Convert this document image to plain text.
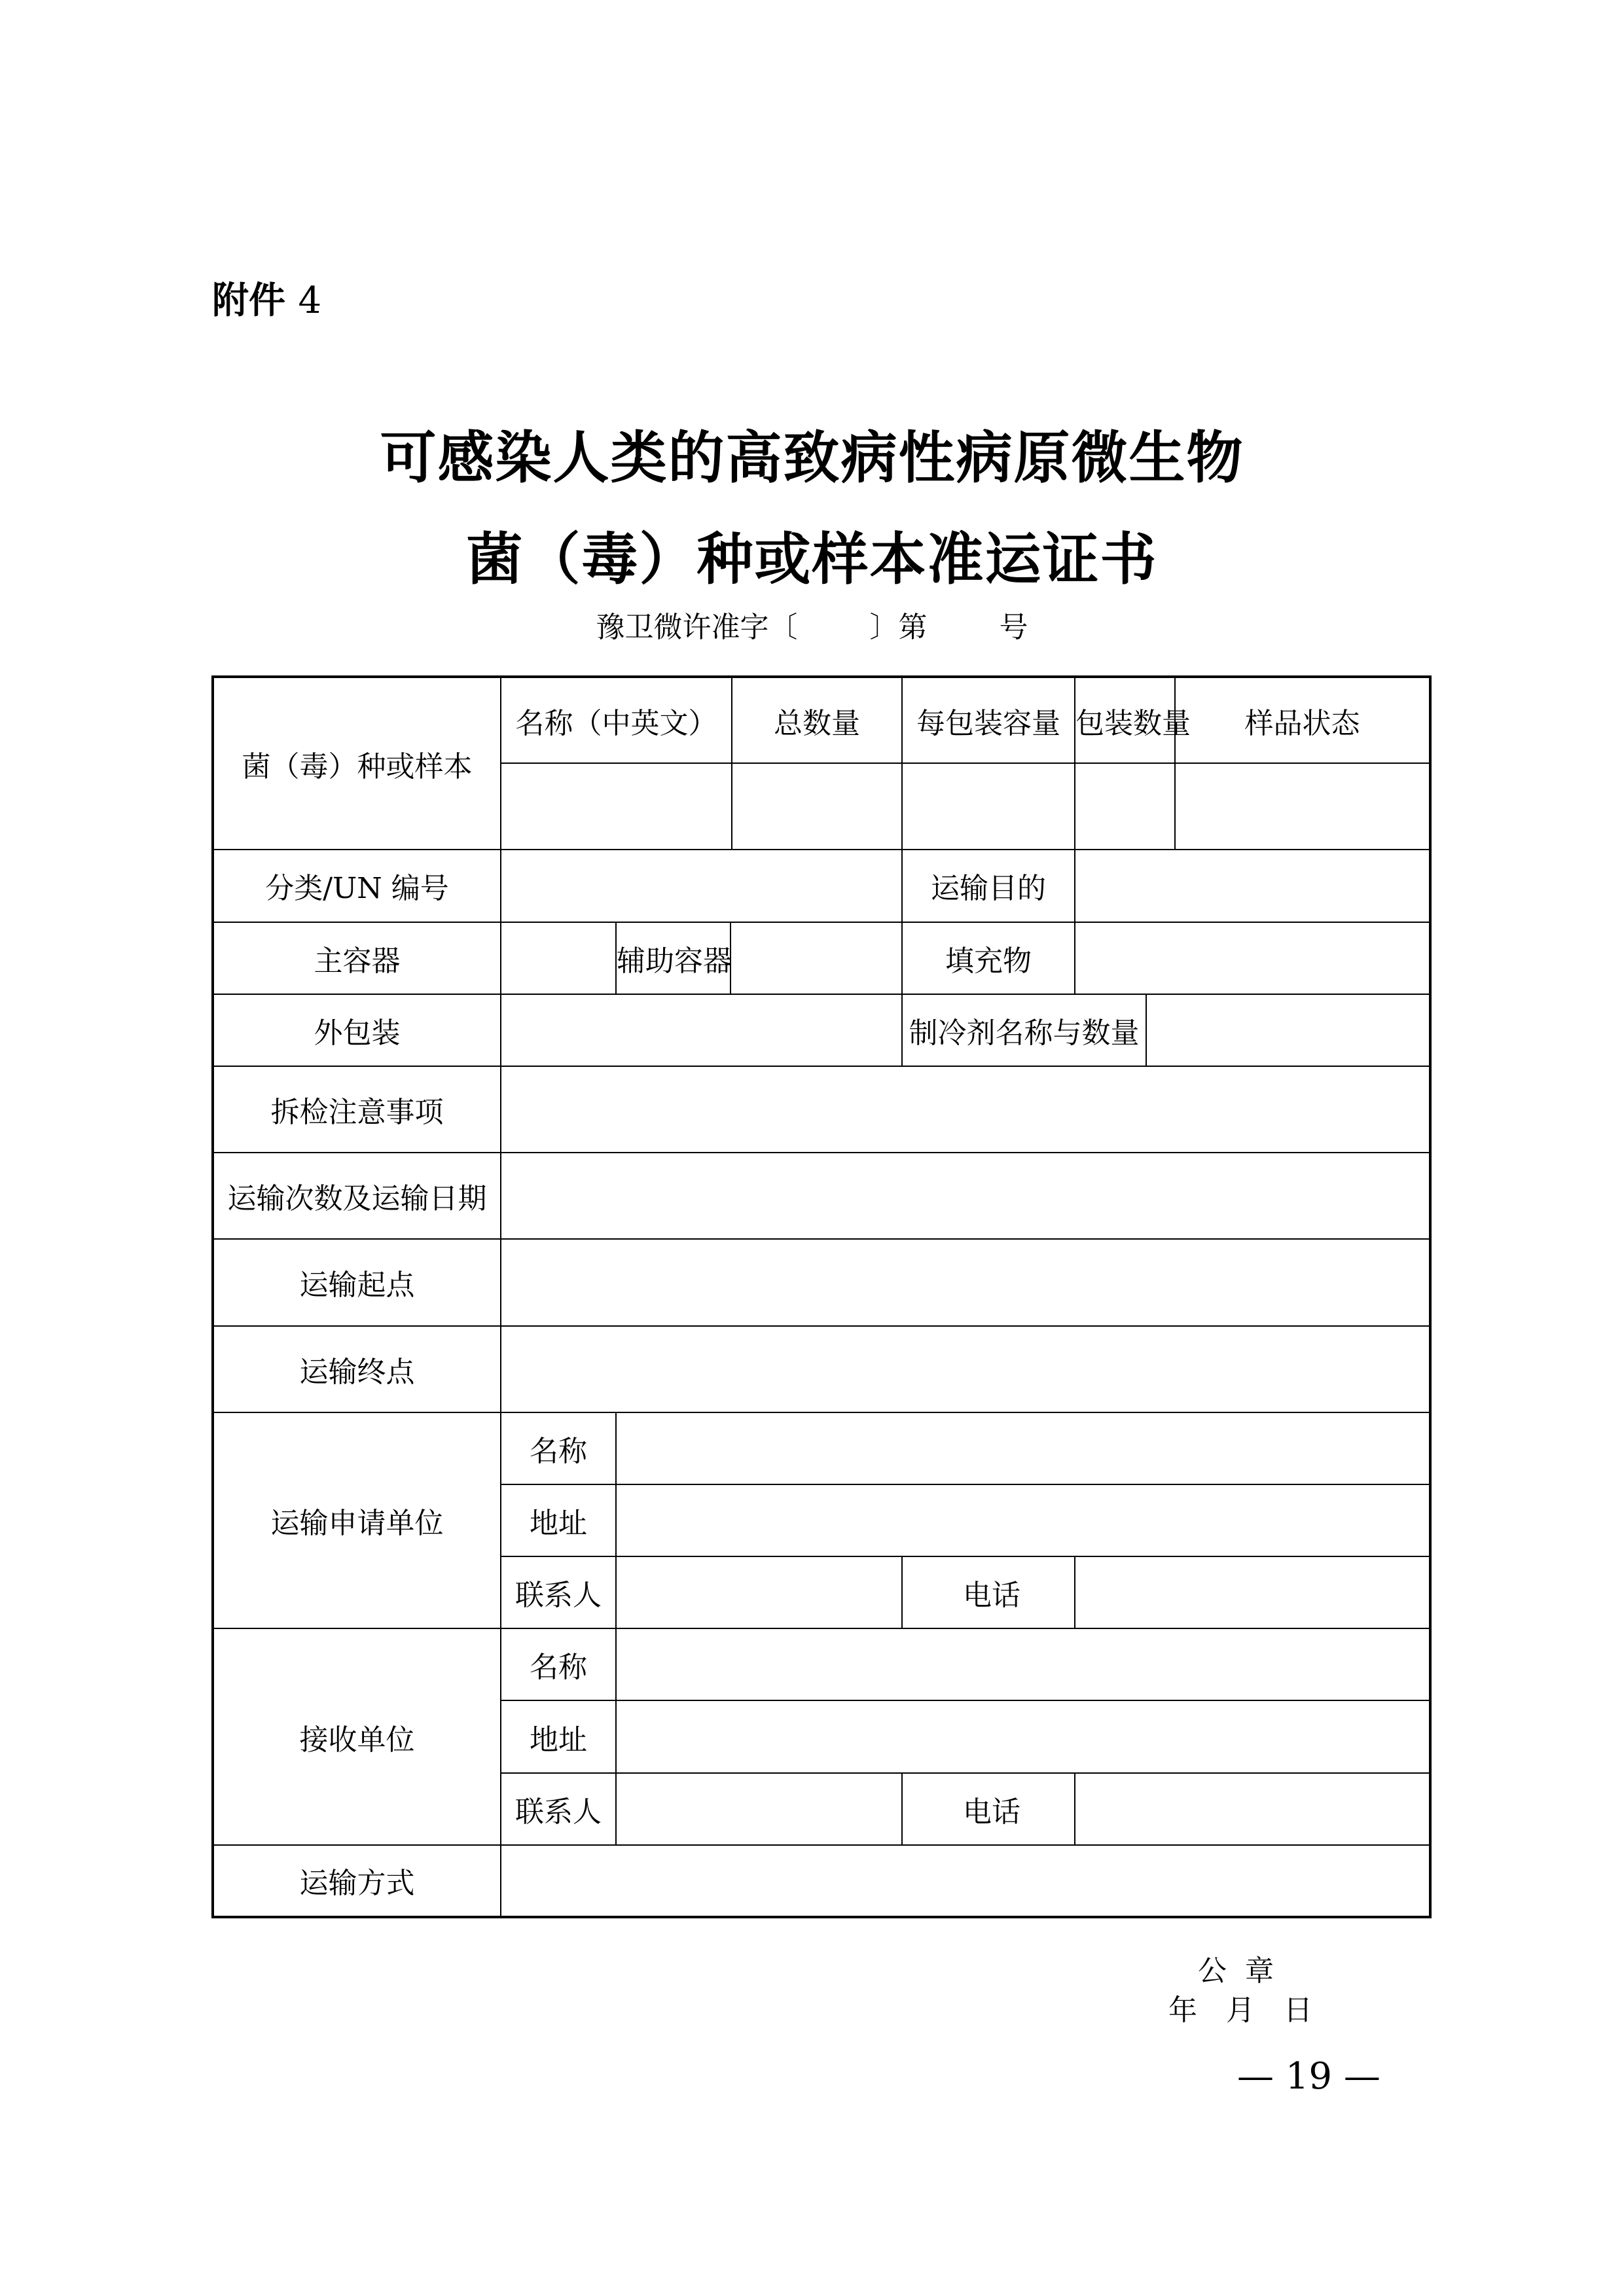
附件 4
可感染人类的高致病性病原微生物
菌（毒）种或样本准运证书
豫卫微许准字〔	〕第	号
菌（毒）种或样本	名称（中英文）			总数量	每包装容量	包装数量		样品状态

分类/UN 编号					运输目的			
主容器		辅助容器			填充物			
外包装					制冷剂名称与数量			
拆检注意事项								
运输次数及运输日期								
运输起点								
运输终点								
运输申请单位	名称							
	地址							
	联系人				电话			
接收单位	名称							
	地址							
	联系人				电话			
运输方式								
公  章
年 月 日
— 19 —
